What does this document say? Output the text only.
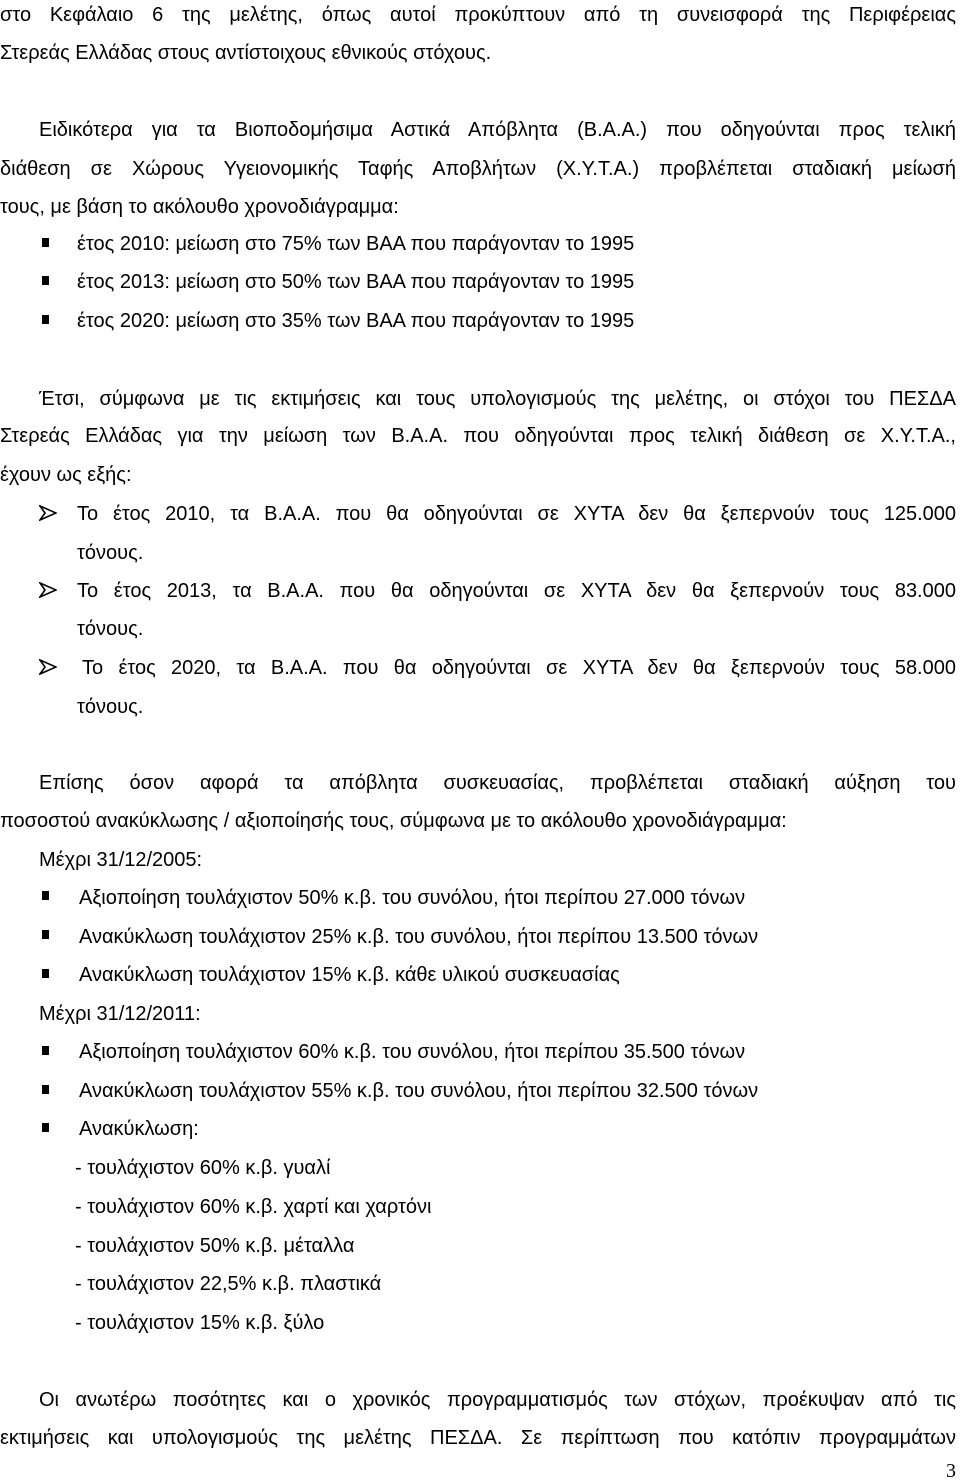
στο Κεφάλαιο 6 της μελέτης, όπως αυτοί προκύπτουν από τη συνεισφορά της Περιφέρειας
Στερεάς Ελλάδας στους αντίστοιχους εθνικούς στόχους.
Ειδικότερα για τα Βιοποδομήσιμα Αστικά Απόβλητα (Β.Α.Α.) που οδηγούνται προς τελική
διάθεση σε Χώρους Υγειονομικής Ταφής Αποβλήτων (Χ.Υ.Τ.Α.) προβλέπεται σταδιακή μείωσή
τους, με βάση το ακόλουθο χρονοδιάγραμμα:
έτος 2010: μείωση στο 75% των ΒΑΑ που παράγονταν το 1995
έτος 2013: μείωση στο 50% των ΒΑΑ που παράγονταν το 1995
έτος 2020: μείωση στο 35% των ΒΑΑ που παράγονταν το 1995
Έτσι, σύμφωνα με τις εκτιμήσεις και τους υπολογισμούς της μελέτης, οι στόχοι του ΠΕΣΔΑ
Στερεάς Ελλάδας για την μείωση των Β.Α.Α. που οδηγούνται προς τελική διάθεση σε Χ.Υ.Τ.Α.,
έχουν ως εξής:
Το έτος 2010, τα Β.Α.Α. που θα οδηγούνται σε ΧΥΤΑ δεν θα ξεπερνούν τους 125.000
τόνους.
Το έτος 2013, τα Β.Α.Α. που θα οδηγούνται σε ΧΥΤΑ δεν θα ξεπερνούν τους 83.000
τόνους.
Το έτος 2020, τα Β.Α.Α. που θα οδηγούνται σε ΧΥΤΑ δεν θα ξεπερνούν τους 58.000
τόνους.
Επίσης όσον αφορά τα απόβλητα συσκευασίας, προβλέπεται σταδιακή αύξηση του
ποσοστού ανακύκλωσης / αξιοποίησής τους, σύμφωνα με το ακόλουθο χρονοδιάγραμμα:
Μέχρι 31/12/2005:
Αξιοποίηση τουλάχιστον 50% κ.β. του συνόλου, ήτοι περίπου 27.000 τόνων
Ανακύκλωση τουλάχιστον 25% κ.β. του συνόλου, ήτοι περίπου 13.500 τόνων
Ανακύκλωση τουλάχιστον 15% κ.β. κάθε υλικού συσκευασίας
Μέχρι 31/12/2011:
Αξιοποίηση τουλάχιστον 60% κ.β. του συνόλου, ήτοι περίπου 35.500 τόνων
Ανακύκλωση τουλάχιστον 55% κ.β. του συνόλου, ήτοι περίπου 32.500 τόνων
Ανακύκλωση:
- τουλάχιστον 60% κ.β. γυαλί
- τουλάχιστον 60% κ.β. χαρτί και χαρτόνι
- τουλάχιστον 50% κ.β. μέταλλα
- τουλάχιστον 22,5% κ.β. πλαστικά
- τουλάχιστον 15% κ.β. ξύλο
Οι ανωτέρω ποσότητες και ο χρονικός προγραμματισμός των στόχων, προέκυψαν από τις
εκτιμήσεις και υπολογισμούς της μελέτης ΠΕΣΔΑ. Σε περίπτωση που κατόπιν προγραμμάτων
3
